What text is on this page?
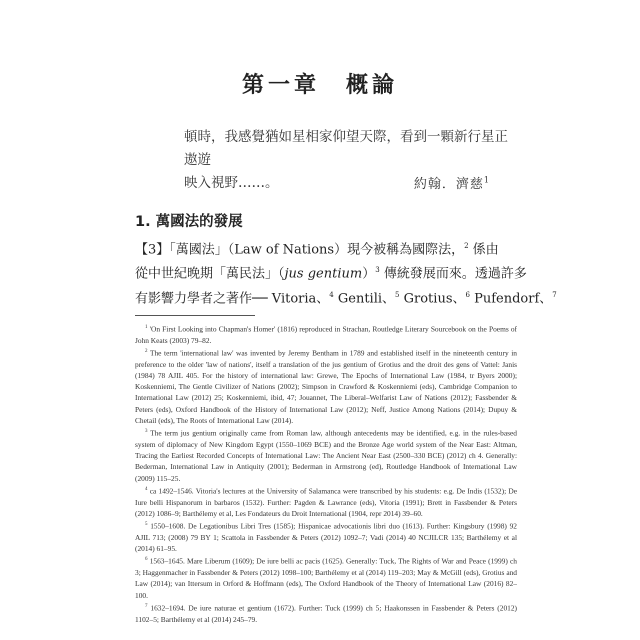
第一章　概論

頓時，我感覺猶如星相家仰望天際，看到一顆新行星正遨遊

映入視野……。	約翰．濟慈$^1$
1. 萬國法的發展
【3】「萬國法」（Law of Nations）現今被稱為國際法，$^2$ 係由
從中世紀晚期「萬民法」（jus gentium）$^3$ 傳統發展而來。透過許多
有影響力學者之著作── Vitoria、$^4$ Gentili、$^5$ Grotius、$^6$ Pufendorf、$^7$

$^1$ 'On First Looking into Chapman's Homer' (1816) reproduced in Strachan, Routledge Literary Sourcebook on the Poems of John Keats (2003) 79–82.

$^2$ The term 'international law' was invented by Jeremy Bentham in 1789 and established itself in the nineteenth century in preference to the older 'law of nations', itself a translation of the jus gentium of Grotius and the droit des gens of Vattel: Janis (1984) 78 AJIL 405. For the history of international law: Grewe, The Epochs of International Law (1984, tr Byers 2000); Koskenniemi, The Gentle Civilizer of Nations (2002); Simpson in Crawford & Koskenniemi (eds), Cambridge Companion to International Law (2012) 25; Koskenniemi, ibid, 47; Jouannet, The Liberal–Welfarist Law of Nations (2012); Fassbender & Peters (eds), Oxford Handbook of the History of International Law (2012); Neff, Justice Among Nations (2014); Dupuy & Chetail (eds), The Roots of International Law (2014).

$^3$ The term jus gentium originally came from Roman law, although antecedents may be identified, e.g. in the rules-based system of diplomacy of New Kingdom Egypt (1550–1069 BCE) and the Bronze Age world system of the Near East: Altman, Tracing the Earliest Recorded Concepts of International Law: The Ancient Near East (2500–330 BCE) (2012) ch 4. Generally: Bederman, International Law in Antiquity (2001); Bederman in Armstrong (ed), Routledge Handbook of International Law (2009) 115–25.

$^4$ ca 1492–1546. Vitoria's lectures at the University of Salamanca were transcribed by his students: e.g. De Indis (1532); De Iure belli Hispanorum in barbaros (1532). Further: Pagden & Lawrance (eds), Vitoria (1991); Brett in Fassbender & Peters (2012) 1086–9; Barthélemy et al, Les Fondateurs du Droit International (1904, repr 2014) 39–60.

$^5$ 1550–1608. De Legationibus Libri Tres (1585); Hispanicae advocationis libri duo (1613). Further: Kingsbury (1998) 92 AJIL 713; (2008) 79 BY 1; Scattola in Fassbender & Peters (2012) 1092–7; Vadi (2014) 40 NCJILCR 135; Barthélemy et al (2014) 61–95.

$^6$ 1563–1645. Mare Liberum (1609); De iure belli ac pacis (1625). Generally: Tuck, The Rights of War and Peace (1999) ch 3; Haggenmacher in Fassbender & Peters (2012) 1098–100; Barthélemy et al (2014) 119–203; May & McGill (eds), Grotius and Law (2014); van Ittersum in Orford & Hoffmann (eds), The Oxford Handbook of the Theory of International Law (2016) 82–100.

$^7$ 1632–1694. De iure naturae et gentium (1672). Further: Tuck (1999) ch 5; Haakonssen in Fassbender & Peters (2012) 1102–5; Barthélemy et al (2014) 245–79.
